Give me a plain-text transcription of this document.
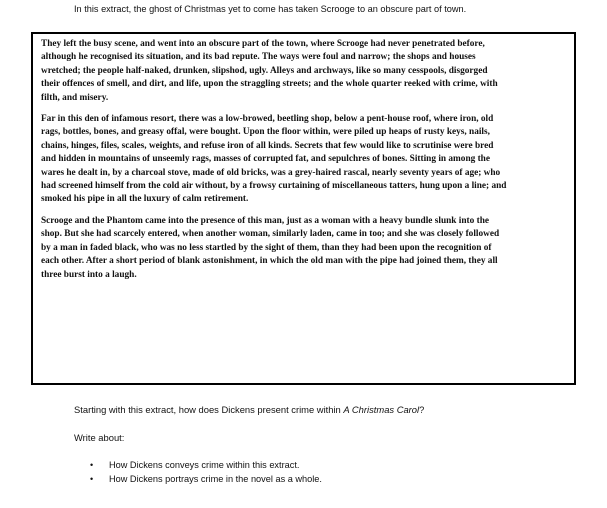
In this extract, the ghost of Christmas yet to come has taken Scrooge to an obscure part of town.

They left the busy scene, and went into an obscure part of the town, where Scrooge had never penetrated before, although he recognised its situation, and its bad repute. The ways were foul and narrow; the shops and houses wretched; the people half-naked, drunken, slipshod, ugly. Alleys and archways, like so many cesspools, disgorged their offences of smell, and dirt, and life, upon the straggling streets; and the whole quarter reeked with crime, with filth, and misery.

Far in this den of infamous resort, there was a low-browed, beetling shop, below a pent-house roof, where iron, old rags, bottles, bones, and greasy offal, were bought. Upon the floor within, were piled up heaps of rusty keys, nails, chains, hinges, files, scales, weights, and refuse iron of all kinds. Secrets that few would like to scrutinise were bred and hidden in mountains of unseemly rags, masses of corrupted fat, and sepulchres of bones. Sitting in among the wares he dealt in, by a charcoal stove, made of old bricks, was a grey-haired rascal, nearly seventy years of age; who had screened himself from the cold air without, by a frowsy curtaining of miscellaneous tatters, hung upon a line; and smoked his pipe in all the luxury of calm retirement.

Scrooge and the Phantom came into the presence of this man, just as a woman with a heavy bundle slunk into the shop. But she had scarcely entered, when another woman, similarly laden, came in too; and she was closely followed by a man in faded black, who was no less startled by the sight of them, than they had been upon the recognition of each other. After a short period of blank astonishment, in which the old man with the pipe had joined them, they all three burst into a laugh.

Starting with this extract, how does Dickens present crime within A Christmas Carol?
Write about:
• How Dickens conveys crime within this extract.
• How Dickens portrays crime in the novel as a whole.
